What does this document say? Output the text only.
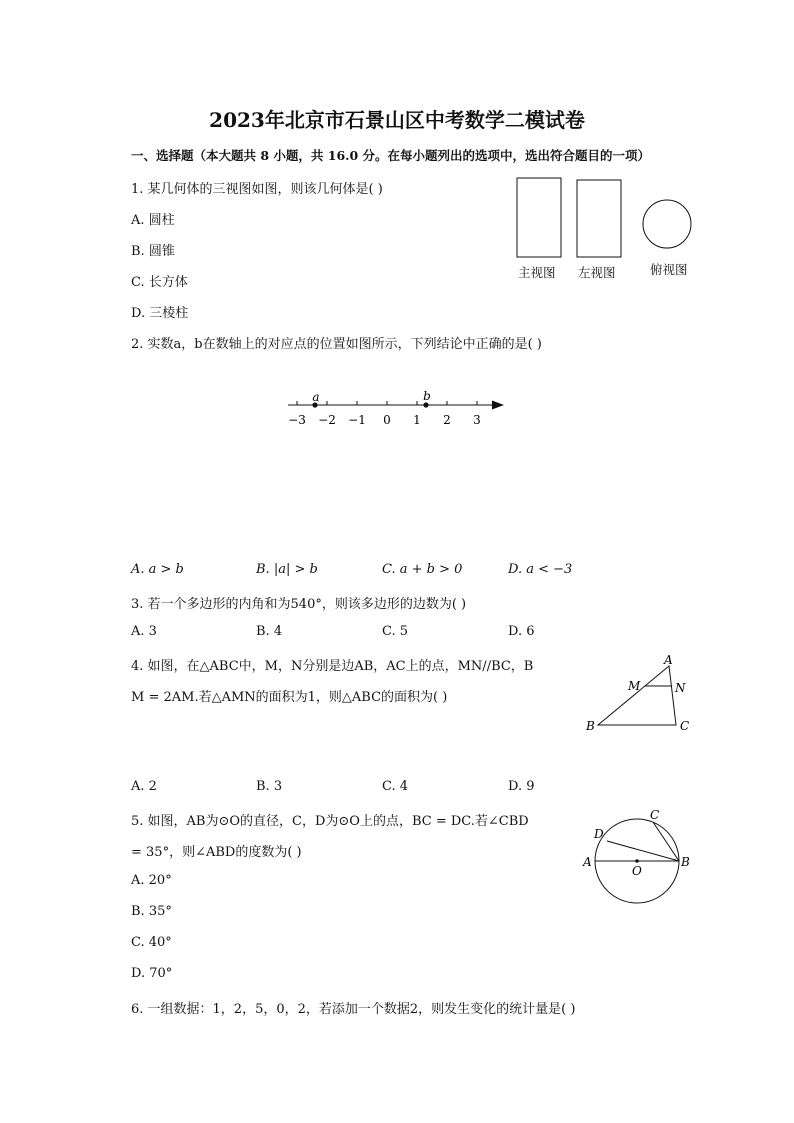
2023年北京市石景山区中考数学二模试卷
一、选择题（本大题共 8 小题，共 16.0 分。在每小题列出的选项中，选出符合题目的一项）
1. 某几何体的三视图如图，则该几何体是( )
A. 圆柱
B. 圆锥
C. 长方体
D. 三棱柱
主视图 左视图	俯视图
2. 实数a，b在数轴上的对应点的位置如图所示，下列结论中正确的是( )
−3 −2 −1 0 1 2 3
a	b
A. a > b	B. |a| > b	C. a + b > 0	D. a < −3
3. 若一个多边形的内角和为540°，则该多边形的边数为( )
A. 3	B. 4	C. 5	D. 6
4. 如图，在△ABC中，M，N分别是边AB，AC上的点，MN//BC，B
M = 2AM.若△AMN的面积为1，则△ABC的面积为( )
A
M	N
B	C
A. 2	B. 3	C. 4	D. 9
5. 如图，AB为⊙O的直径，C，D为⊙O上的点，BC = DC.若∠CBD
= 35°，则∠ABD的度数为( )
A	B
C
D
O
A. 20°
B. 35°
C. 40°
D. 70°
6. 一组数据：1，2，5，0，2，若添加一个数据2，则发生变化的统计量是( )
